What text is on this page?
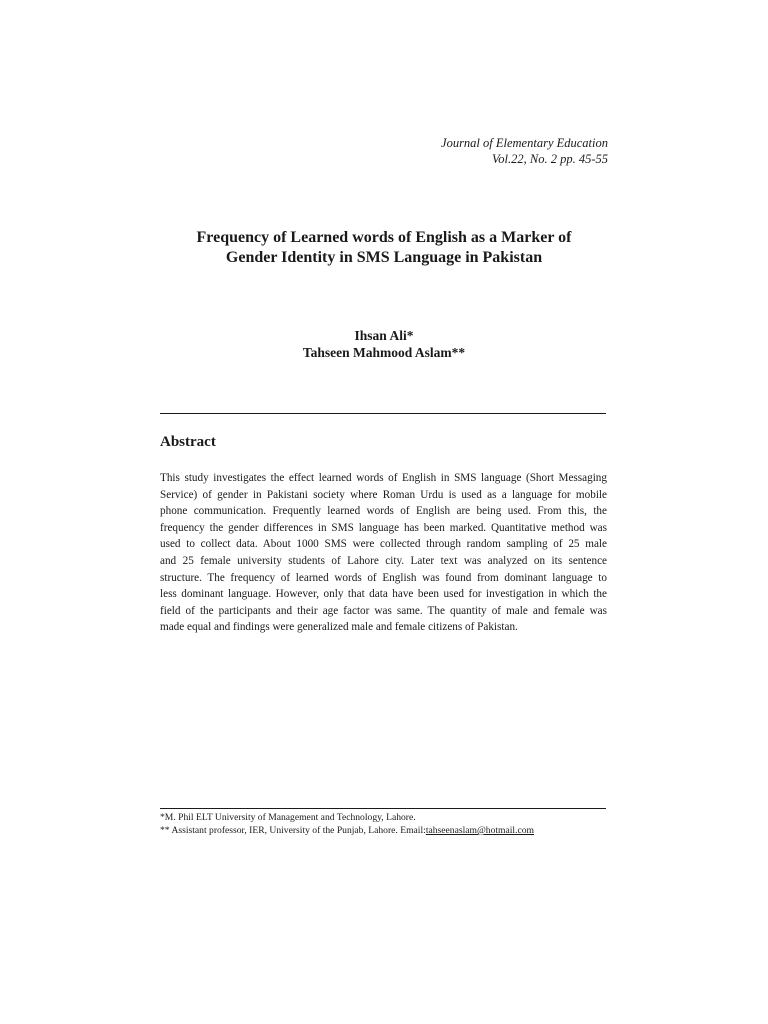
Journal of Elementary Education
Vol.22, No. 2 pp. 45-55
Frequency of Learned words of English as a Marker of
Gender Identity in SMS Language in Pakistan
Ihsan Ali*
Tahseen Mahmood Aslam**
Abstract
This study investigates the effect learned words of English in SMS language (Short Messaging
Service) of gender in Pakistani society where Roman Urdu is used as a language for mobile
phone communication. Frequently learned words of English are being used. From this, the
frequency the gender differences in SMS language has been marked. Quantitative method was
used to collect data. About 1000 SMS were collected through random sampling of 25 male
and 25 female university students of Lahore city. Later text was analyzed on its sentence
structure. The frequency of learned words of English was found from dominant language to
less dominant language. However, only that data have been used for investigation in which the
field of the participants and their age factor was same. The quantity of male and female was
made equal and findings were generalized male and female citizens of Pakistan.
*M. Phil ELT University of Management and Technology, Lahore.
** Assistant professor, IER, University of the Punjab, Lahore. Email:tahseenaslam@hotmail.com
